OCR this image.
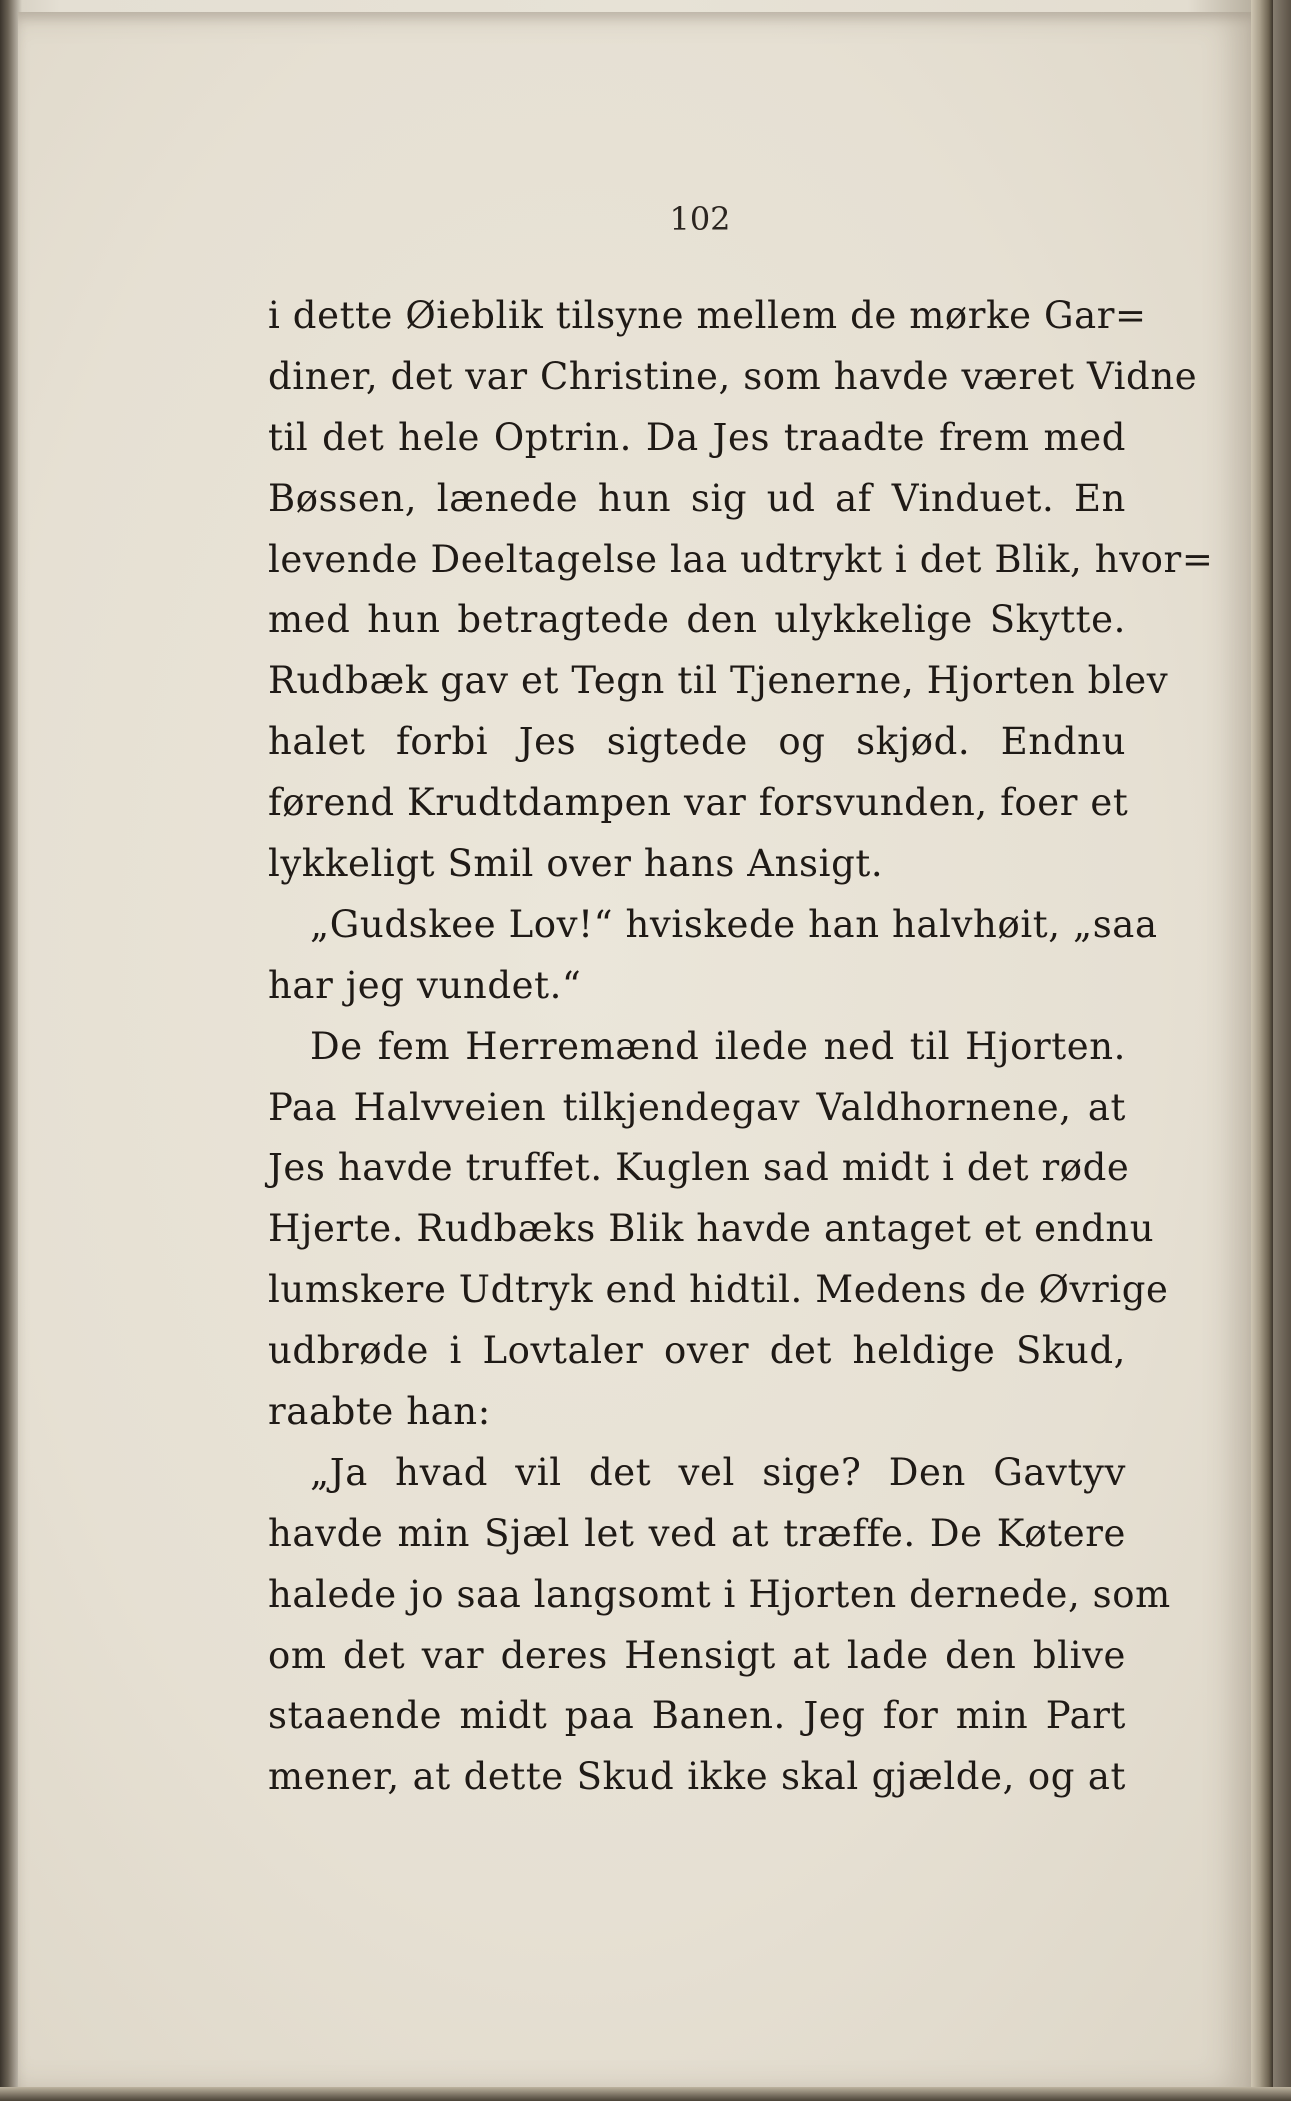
102
i dette Øieblik tilsyne mellem de mørke Gar=
diner, det var Christine, som havde været Vidne
til det hele Optrin. Da Jes traadte frem med
Bøssen, lænede hun sig ud af Vinduet. En
levende Deeltagelse laa udtrykt i det Blik, hvor=
med hun betragtede den ulykkelige Skytte.
Rudbæk gav et Tegn til Tjenerne, Hjorten blev
halet forbi Jes sigtede og skjød. Endnu
førend Krudtdampen var forsvunden, foer et
lykkeligt Smil over hans Ansigt.
„Gudskee Lov!“ hviskede han halvhøit, „saa
har jeg vundet.“
De fem Herremænd ilede ned til Hjorten.
Paa Halvveien tilkjendegav Valdhornene, at
Jes havde truffet. Kuglen sad midt i det røde
Hjerte. Rudbæks Blik havde antaget et endnu
lumskere Udtryk end hidtil. Medens de Øvrige
udbrøde i Lovtaler over det heldige Skud,
raabte han:
„Ja hvad vil det vel sige? Den Gavtyv
havde min Sjæl let ved at træffe. De Køtere
halede jo saa langsomt i Hjorten dernede, som
om det var deres Hensigt at lade den blive
staaende midt paa Banen. Jeg for min Part
mener, at dette Skud ikke skal gjælde, og at
